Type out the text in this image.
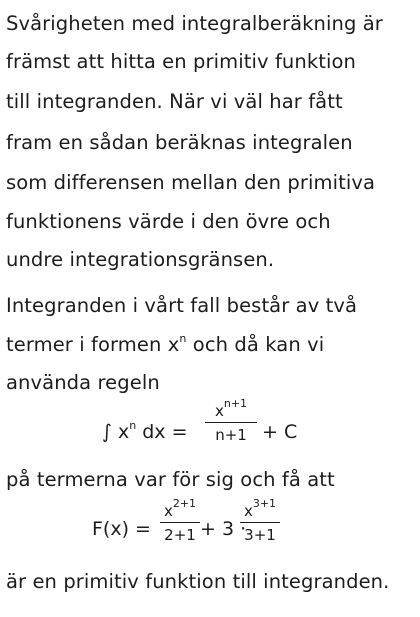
Svårigheten med integralberäkning är
främst att hitta en primitiv funktion
till integranden. När vi väl har fått
fram en sådan beräknas integralen
som differensen mellan den primitiva
funktionens värde i den övre och
undre integrationsgränsen.
Integranden i vårt fall består av två
termer i formen $x^n$ och då kan vi
använda regeln
∫ $x^n$ dx =
$x^{n+1}$
n+1 + C
på termerna var för sig och få att
F(x) =
$x^{2+1}$
2+1 + 3 ·
$x^{3+1}$
3+1
är en primitiv funktion till integranden.
